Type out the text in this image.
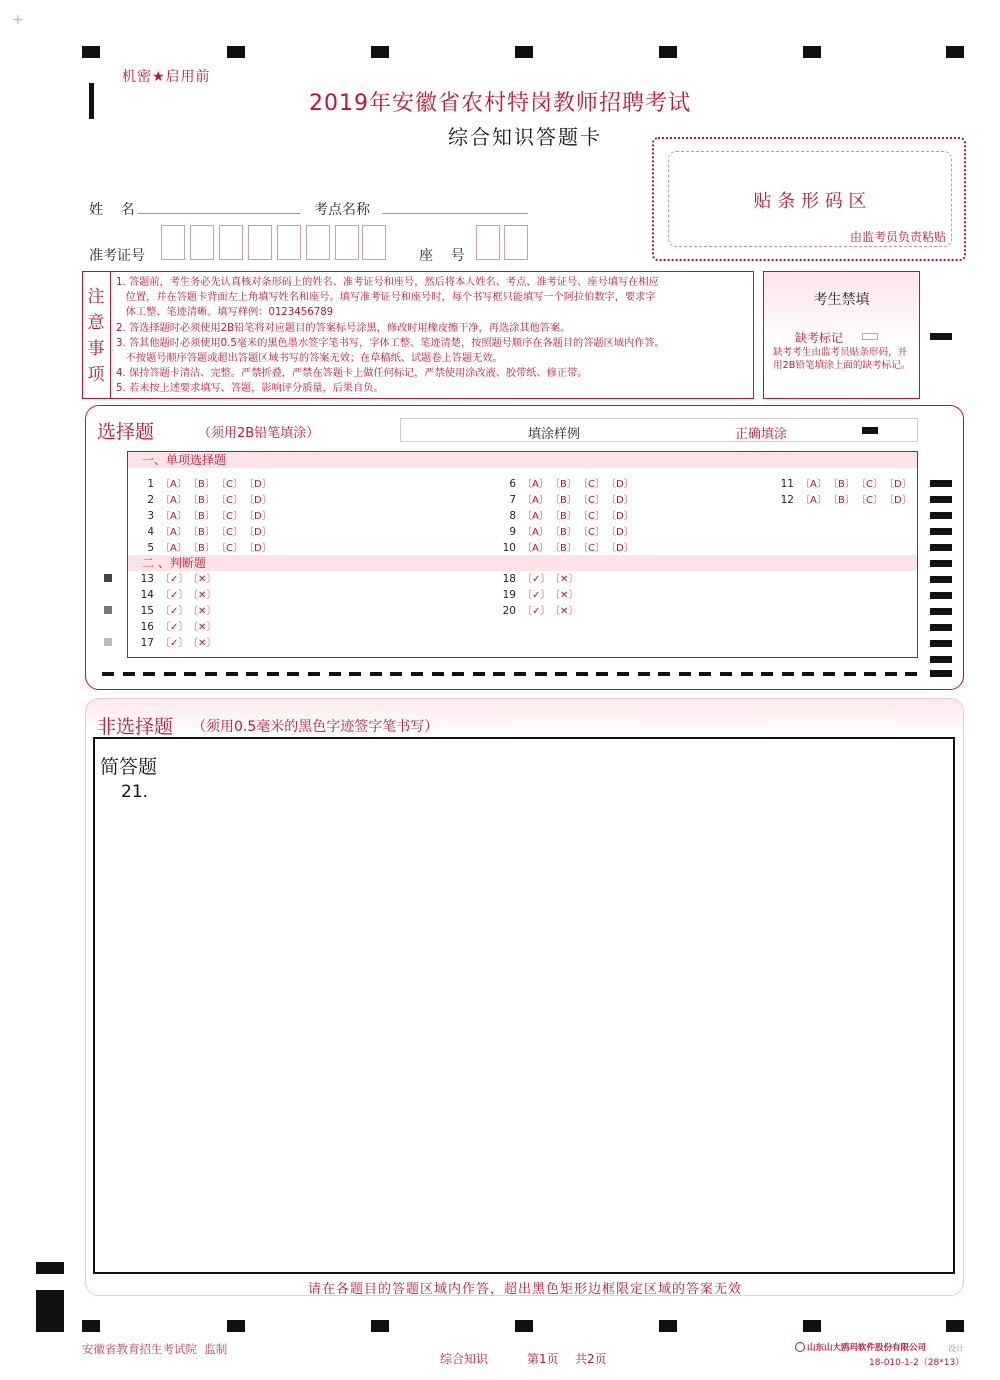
+
机密★启用前
2019年安徽省农村特岗教师招聘考试
综合知识答题卡
贴 条 形 码 区
由监考员负责粘贴
姓    名	考点名称
准考证号	座    号
注
意
事
项
1. 答题前，考生务必先认真核对条形码上的姓名、准考证号和座号，然后将本人姓名、考点、准考证号、座号填写在相应
位置，并在答题卡背面左上角填写姓名和座号。填写准考证号和座号时，每个书写框只能填写一个阿拉伯数字，要求字
体工整、笔迹清晰。填写样例：0123456789
2. 答选择题时必须使用2B铅笔将对应题目的答案标号涂黑，修改时用橡皮擦干净，再选涂其他答案。
3. 答其他题时必须使用0.5毫米的黑色墨水签字笔书写，字体工整、笔迹清楚，按照题号顺序在各题目的答题区域内作答。
不按题号顺序答题或超出答题区域书写的答案无效；在草稿纸、试题卷上答题无效。
4. 保持答题卡清洁、完整。严禁折叠，严禁在答题卡上做任何标记，严禁使用涂改液、胶带纸、修正带。
5. 若未按上述要求填写、答题，影响评分质量，后果自负。
考生禁填
缺考标记
缺考考生由监考员贴条形码，并用2B铅笔填涂上面的缺考标记。
选择题	（须用2B铅笔填涂）	填涂样例	正确填涂
一、单项选择题
二 、判断题
1 〔A〕〔B〕〔C〕〔D〕
2 〔A〕〔B〕〔C〕〔D〕
3 〔A〕〔B〕〔C〕〔D〕
4 〔A〕〔B〕〔C〕〔D〕
5 〔A〕〔B〕〔C〕〔D〕
6 〔A〕〔B〕〔C〕〔D〕
7 〔A〕〔B〕〔C〕〔D〕
8 〔A〕〔B〕〔C〕〔D〕
9 〔A〕〔B〕〔C〕〔D〕
10 〔A〕〔B〕〔C〕〔D〕
11 〔A〕〔B〕〔C〕〔D〕
12 〔A〕〔B〕〔C〕〔D〕
13 〔✓〕〔✕〕
14 〔✓〕〔✕〕
15 〔✓〕〔✕〕
16 〔✓〕〔✕〕
17 〔✓〕〔✕〕
18 〔✓〕〔✕〕
19 〔✓〕〔✕〕
20 〔✓〕〔✕〕
非选择题 （须用0.5毫米的黑色字迹签字笔书写）
简答题
21.
请在各题目的答题区域内作答，超出黑色矩形边框限定区域的答案无效
安徽省教育招生考试院  监制
综合知识	第1页 共2页
山东山大鸥玛软件股份有限公司	设计
18-010-1-2（28*13）
